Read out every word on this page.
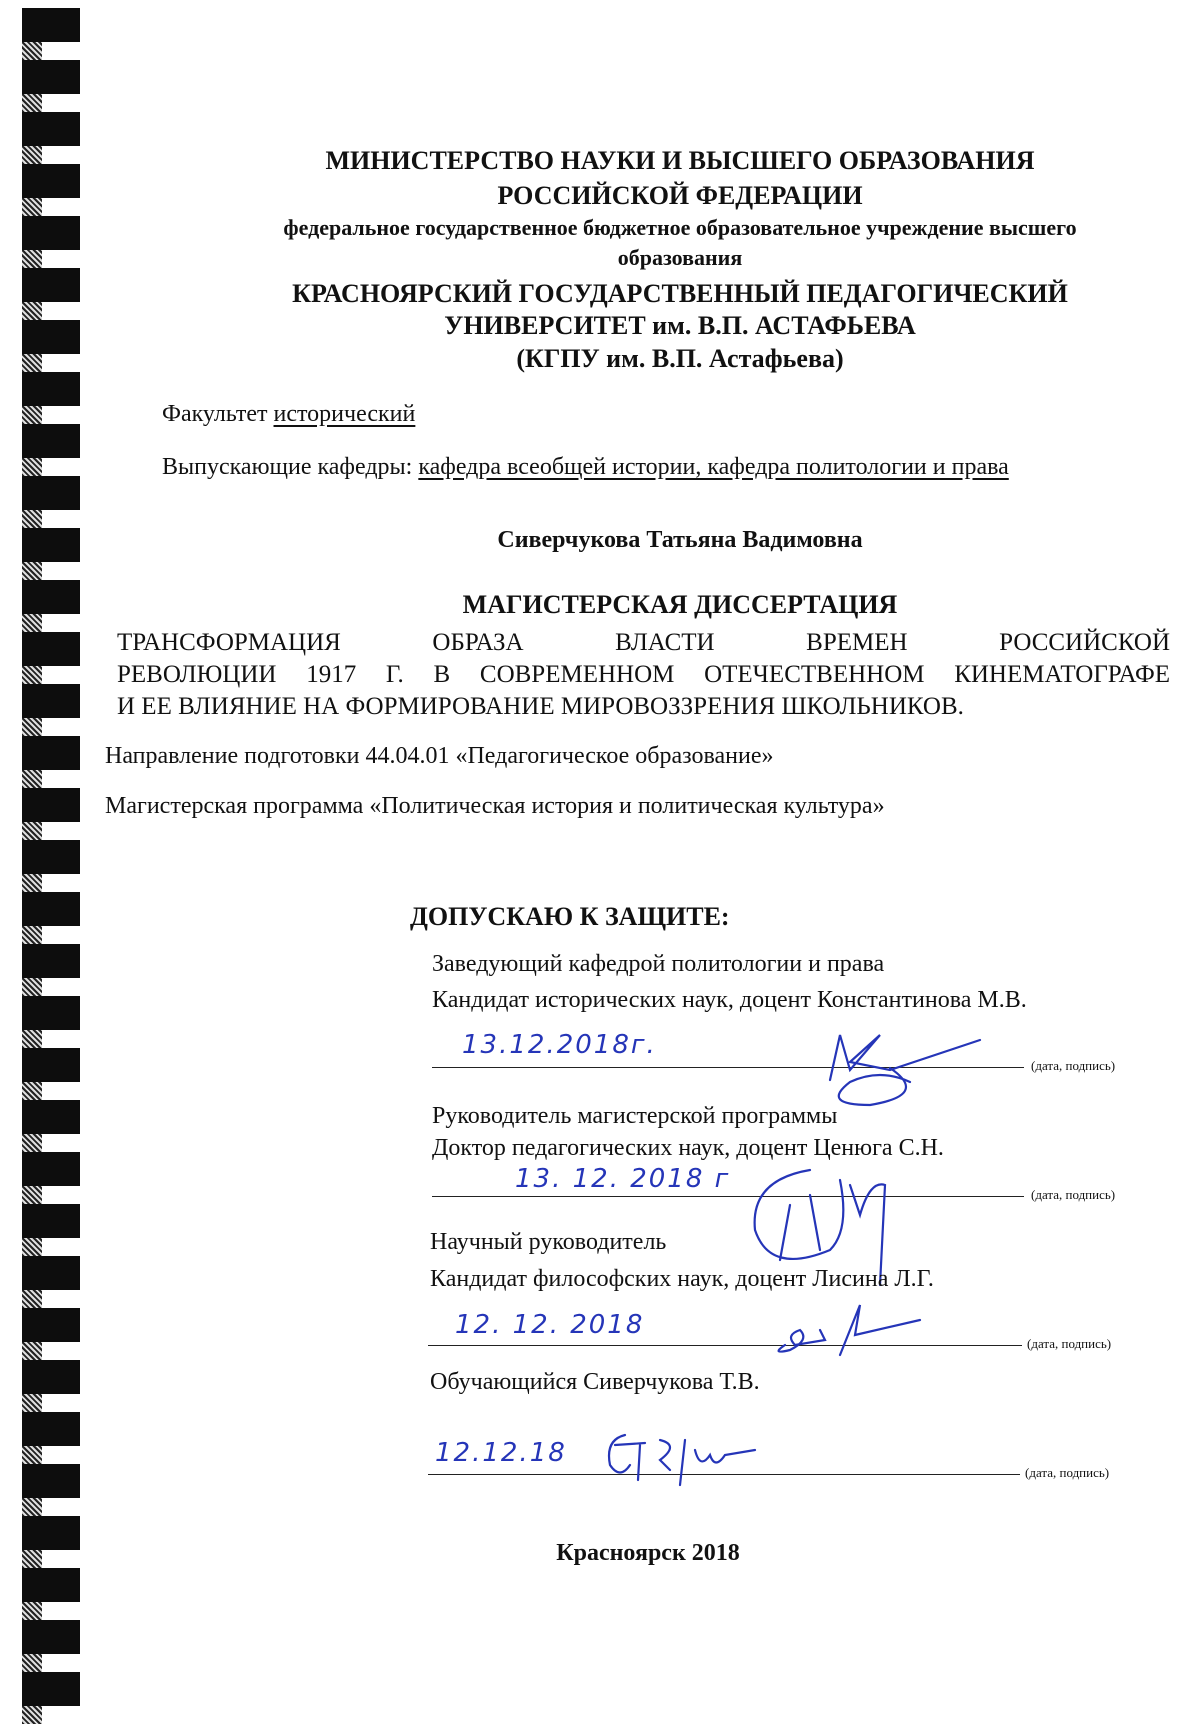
МИНИСТЕРСТВО НАУКИ И ВЫСШЕГО ОБРАЗОВАНИЯ
РОССИЙСКОЙ ФЕДЕРАЦИИ
федеральное государственное бюджетное образовательное учреждение высшего
образования
КРАСНОЯРСКИЙ ГОСУДАРСТВЕННЫЙ ПЕДАГОГИЧЕСКИЙ
УНИВЕРСИТЕТ им. В.П. АСТАФЬЕВА
(КГПУ им. В.П. Астафьева)
Факультет исторический
Выпускающие кафедры: кафедра всеобщей истории, кафедра политологии и права
Сиверчукова Татьяна Вадимовна
МАГИСТЕРСКАЯ ДИССЕРТАЦИЯ
ТРАНСФОРМАЦИЯ ОБРАЗА ВЛАСТИ ВРЕМЕН РОССИЙСКОЙ
РЕВОЛЮЦИИ 1917 Г. В СОВРЕМЕННОМ ОТЕЧЕСТВЕННОМ КИНЕМАТОГРАФЕ
И ЕЕ ВЛИЯНИЕ НА ФОРМИРОВАНИЕ МИРОВОЗЗРЕНИЯ ШКОЛЬНИКОВ.
Направление подготовки 44.04.01 «Педагогическое образование»
Магистерская программа «Политическая история и политическая культура»
ДОПУСКАЮ К ЗАЩИТЕ:
Заведующий кафедрой политологии и права
Кандидат исторических наук, доцент Константинова М.В.
13.12.2018г.
(дата, подпись)
Руководитель магистерской программы
Доктор педагогических наук, доцент Ценюга С.Н.
13. 12. 2018 г
(дата, подпись)
Научный руководитель
Кандидат философских наук, доцент Лисина Л.Г.
12. 12. 2018
(дата, подпись)
Обучающийся Сиверчукова Т.В.
12.12.18
(дата, подпись)
Красноярск 2018
